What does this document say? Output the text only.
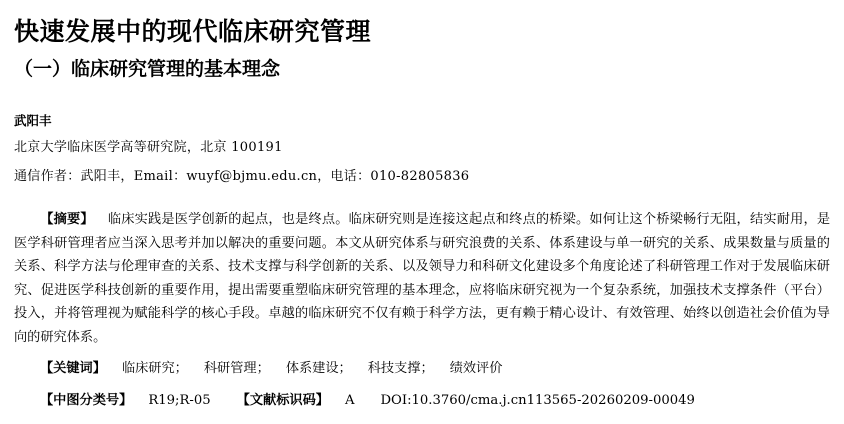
快速发展中的现代临床研究管理
（一）临床研究管理的基本理念
武阳丰
北京大学临床医学高等研究院，北京 100191
通信作者：武阳丰，Email：wuyf@bjmu.edu.cn，电话：010-82805836
【摘要】 临床实践是医学创新的起点，也是终点。临床研究则是连接这起点和终点的桥梁。如何让这个桥梁畅行无阻，结实耐用，是医学科研管理者应当深入思考并加以解决的重要问题。本文从研究体系与研究浪费的关系、体系建设与单一研究的关系、成果数量与质量的关系、科学方法与伦理审查的关系、技术支撑与科学创新的关系、以及领导力和科研文化建设多个角度论述了科研管理工作对于发展临床研究、促进医学科技创新的重要作用，提出需要重塑临床研究管理的基本理念，应将临床研究视为一个复杂系统，加强技术支撑条件（平台）投入，并将管理视为赋能科学的核心手段。卓越的临床研究不仅有赖于科学方法，更有赖于精心设计、有效管理、始终以创造社会价值为导向的研究体系。
【关键词】 临床研究； 科研管理； 体系建设； 科技支撑； 绩效评价
【中图分类号】 R19;R-05 【文献标识码】 A DOI:10.3760/cma.j.cn113565-20260209-00049
